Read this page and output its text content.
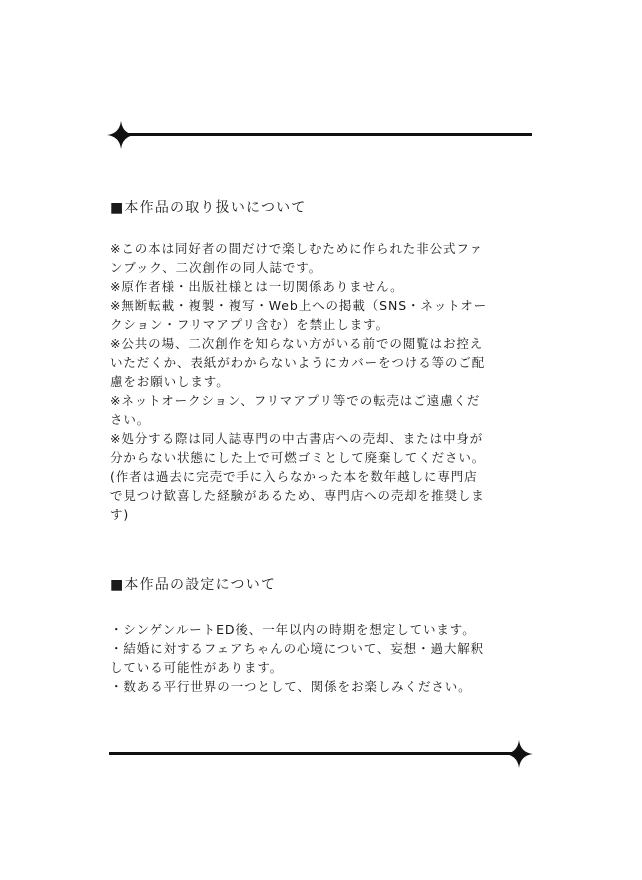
■本作品の取り扱いについて
※この本は同好者の間だけで楽しむために作られた非公式ファ
ンブック、二次創作の同人誌です。
※原作者様・出版社様とは一切関係ありません。
※無断転載・複製・複写・Web上への掲載（SNS・ネットオー
クション・フリマアプリ含む）を禁止します。
※公共の場、二次創作を知らない方がいる前での閲覧はお控え
いただくか、表紙がわからないようにカバーをつける等のご配
慮をお願いします。
※ネットオークション、フリマアプリ等での転売はご遠慮くだ
さい。
※処分する際は同人誌専門の中古書店への売却、または中身が
分からない状態にした上で可燃ゴミとして廃棄してください。
(作者は過去に完売で手に入らなかった本を数年越しに専門店
で見つけ歓喜した経験があるため、専門店への売却を推奨しま
す)
■本作品の設定について
・シンゲンルートED後、一年以内の時期を想定しています。
・結婚に対するフェアちゃんの心境について、妄想・過大解釈
している可能性があります。
・数ある平行世界の一つとして、関係をお楽しみください。
